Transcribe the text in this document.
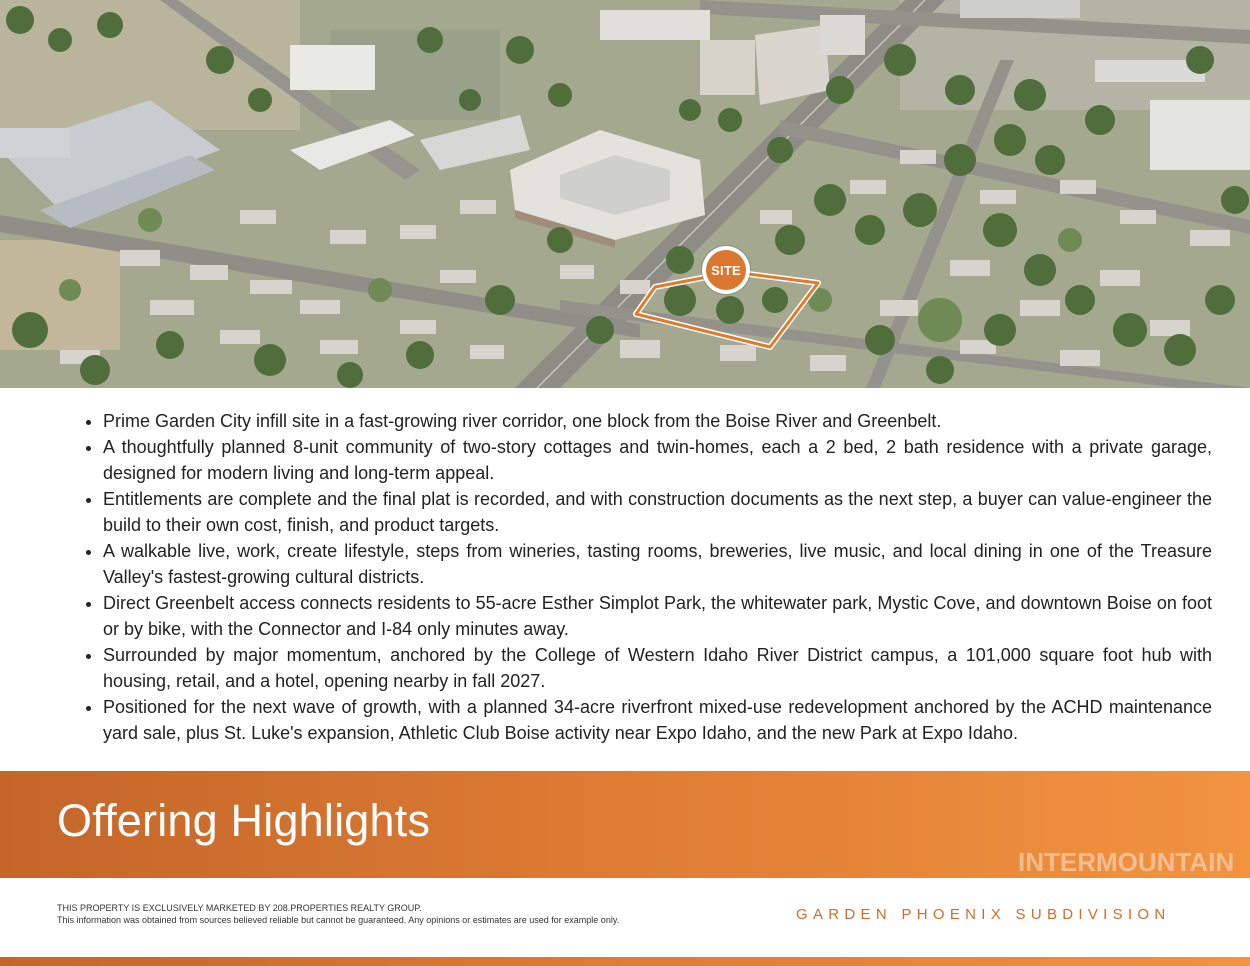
SITE
• Prime Garden City infill site in a fast-growing river corridor, one block from the Boise River and Greenbelt.
• A thoughtfully planned 8-unit community of two-story cottages and twin-homes, each a 2 bed, 2 bath residence with a private garage, designed for modern living and long-term appeal.
• Entitlements are complete and the final plat is recorded, and with construction documents as the next step, a buyer can value-engineer the build to their own cost, finish, and product targets.
• A walkable live, work, create lifestyle, steps from wineries, tasting rooms, breweries, live music, and local dining in one of the Treasure Valley's fastest-growing cultural districts.
• Direct Greenbelt access connects residents to 55-acre Esther Simplot Park, the whitewater park, Mystic Cove, and downtown Boise on foot or by bike, with the Connector and I-84 only minutes away.
• Surrounded by major momentum, anchored by the College of Western Idaho River District campus, a 101,000 square foot hub with housing, retail, and a hotel, opening nearby in fall 2027.
• Positioned for the next wave of growth, with a planned 34-acre riverfront mixed-use redevelopment anchored by the ACHD maintenance yard sale, plus St. Luke's expansion, Athletic Club Boise activity near Expo Idaho, and the new Park at Expo Idaho.
Offering Highlights
INTERMOUNTAIN
THIS PROPERTY IS EXCLUSIVELY MARKETED BY 208.PROPERTIES REALTY GROUP.
This information was obtained from sources believed reliable but cannot be guaranteed. Any opinions or estimates are used for example only.	GARDEN PHOENIX SUBDIVISION
